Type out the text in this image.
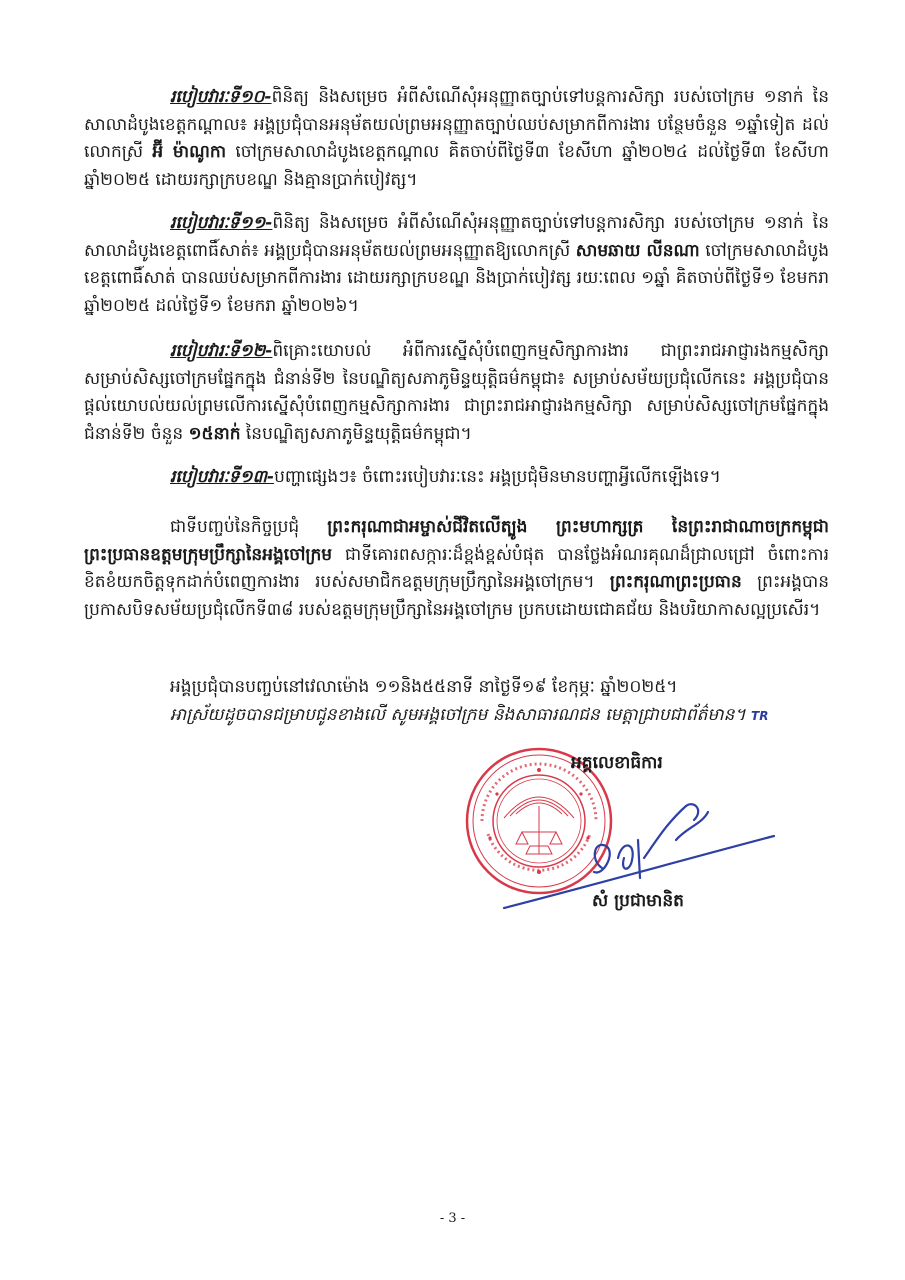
របៀបវារៈទី១០-ពិនិត្យ និងសម្រេច អំពីសំណើសុំអនុញ្ញាតច្បាប់ទៅបន្តការសិក្សា របស់ចៅក្រម ១នាក់ នៃសាលាដំបូងខេត្តកណ្ដាល៖ អង្គប្រជុំបានអនុម័តយល់ព្រមអនុញ្ញាតច្បាប់ឈប់សម្រាកពីការងារ បន្ថែមចំនួន ១ឆ្នាំទៀត ដល់លោកស្រី អ៊ី ម៉ាណូកា ចៅក្រមសាលាដំបូងខេត្តកណ្ដាល គិតចាប់ពីថ្ងៃទី៣ ខែសីហា ឆ្នាំ២០២៤ ដល់ថ្ងៃទី៣ ខែសីហា ឆ្នាំ២០២៥ ដោយរក្សាក្របខណ្ឌ និងគ្មានប្រាក់បៀវត្ស។

របៀបវារៈទី១១-ពិនិត្យ និងសម្រេច អំពីសំណើសុំអនុញ្ញាតច្បាប់ទៅបន្តការសិក្សា របស់ចៅក្រម ១នាក់ នៃសាលាដំបូងខេត្តពោធិ៍សាត់៖ អង្គប្រជុំបានអនុម័តយល់ព្រមអនុញ្ញាតឱ្យលោកស្រី សាមឆាយ លីនណា ចៅក្រមសាលាដំបូងខេត្តពោធិ៍សាត់ បានឈប់សម្រាកពីការងារ ដោយរក្សាក្របខណ្ឌ និងប្រាក់បៀវត្ស រយៈពេល ១ឆ្នាំ គិតចាប់ពីថ្ងៃទី១ ខែមករា ឆ្នាំ២០២៥ ដល់ថ្ងៃទី១ ខែមករា ឆ្នាំ២០២៦។

របៀបវារៈទី១២-ពិគ្រោះយោបល់ អំពីការស្នើសុំបំពេញកម្មសិក្សាការងារ ជាព្រះរាជអាជ្ញារងកម្មសិក្សា សម្រាប់សិស្សចៅក្រមផ្នែកក្នុង ជំនាន់ទី២ នៃបណ្ឌិត្យសភាភូមិន្ទយុត្តិធម៌កម្ពុជា៖ សម្រាប់សម័យប្រជុំលើកនេះ អង្គប្រជុំបានផ្ដល់យោបល់យល់ព្រមលើការស្នើសុំបំពេញកម្មសិក្សាការងារ ជាព្រះរាជអាជ្ញារងកម្មសិក្សា សម្រាប់សិស្សចៅក្រមផ្នែកក្នុង ជំនាន់ទី២ ចំនួន ១៥នាក់ នៃបណ្ឌិត្យសភាភូមិន្ទយុត្តិធម៌កម្ពុជា។

របៀបវារៈទី១៣-បញ្ហាផ្សេងៗ៖ ចំពោះរបៀបវារៈនេះ អង្គប្រជុំមិនមានបញ្ហាអ្វីលើកឡើងទេ។

ជាទីបញ្ចប់នៃកិច្ចប្រជុំ ព្រះករុណាជាអម្ចាស់ជីវិតលើត្បូង ព្រះមហាក្សត្រ នៃព្រះរាជាណាចក្រកម្ពុជា ព្រះប្រធានឧត្ដមក្រុមប្រឹក្សានៃអង្គចៅក្រម ជាទីគោរពសក្ការៈដ៏ខ្ពង់ខ្ពស់បំផុត បានថ្លែងអំណរគុណដ៏ជ្រាលជ្រៅ ចំពោះការខិតខំយកចិត្តទុកដាក់បំពេញការងារ របស់សមាជិកឧត្ដមក្រុមប្រឹក្សានៃអង្គចៅក្រម។ ព្រះករុណាព្រះប្រធាន ព្រះអង្គបានប្រកាសបិទសម័យប្រជុំលើកទី៣៨ របស់ឧត្ដមក្រុមប្រឹក្សានៃអង្គចៅក្រម ប្រកបដោយជោគជ័យ និងបរិយាកាសល្អប្រសើរ។

អង្គប្រជុំបានបញ្ចប់នៅវេលាម៉ោង ១១និង៥៥នាទី នាថ្ងៃទី១៩ ខែកុម្ភៈ ឆ្នាំ២០២៥។

អាស្រ័យដូចបានជម្រាបជូនខាងលើ សូមអង្គចៅក្រម និងសាធារណជន មេត្តាជ្រាបជាព័ត៌មាន។ TR

អគ្គលេខាធិការ
សំ ប្រជាមានិត
- 3 -
